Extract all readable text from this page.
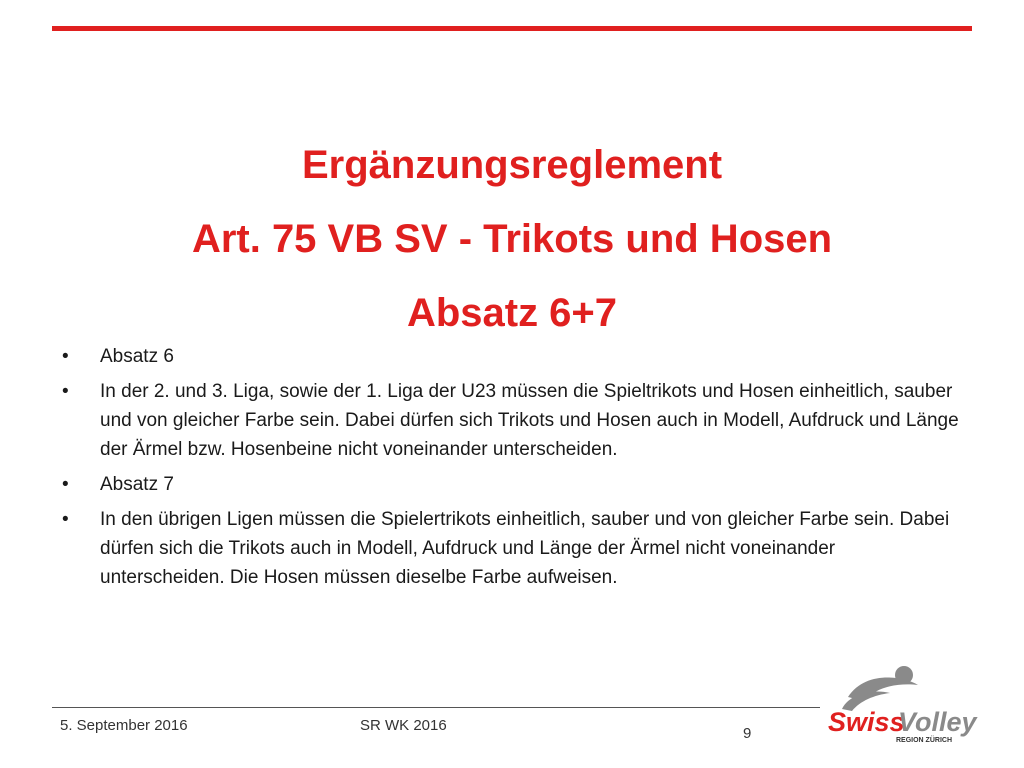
Ergänzungsreglement
Art. 75 VB SV - Trikots und Hosen
Absatz 6+7
• Absatz 6
• In der 2. und 3. Liga, sowie der 1. Liga der U23 müssen die Spieltrikots und Hosen einheitlich, sauber und von gleicher Farbe sein. Dabei dürfen sich Trikots und Hosen auch in Modell, Aufdruck und Länge der Ärmel bzw. Hosenbeine nicht voneinander unterscheiden.
• Absatz 7
• In den übrigen Ligen müssen die Spielertrikots einheitlich, sauber und von gleicher Farbe sein. Dabei dürfen sich die Trikots auch in Modell, Aufdruck und Länge der Ärmel nicht voneinander unterscheiden. Die Hosen müssen dieselbe Farbe aufweisen.
5. September 2016	SR WK 2016	9	Swiss
Volley
REGION ZÜRICH
